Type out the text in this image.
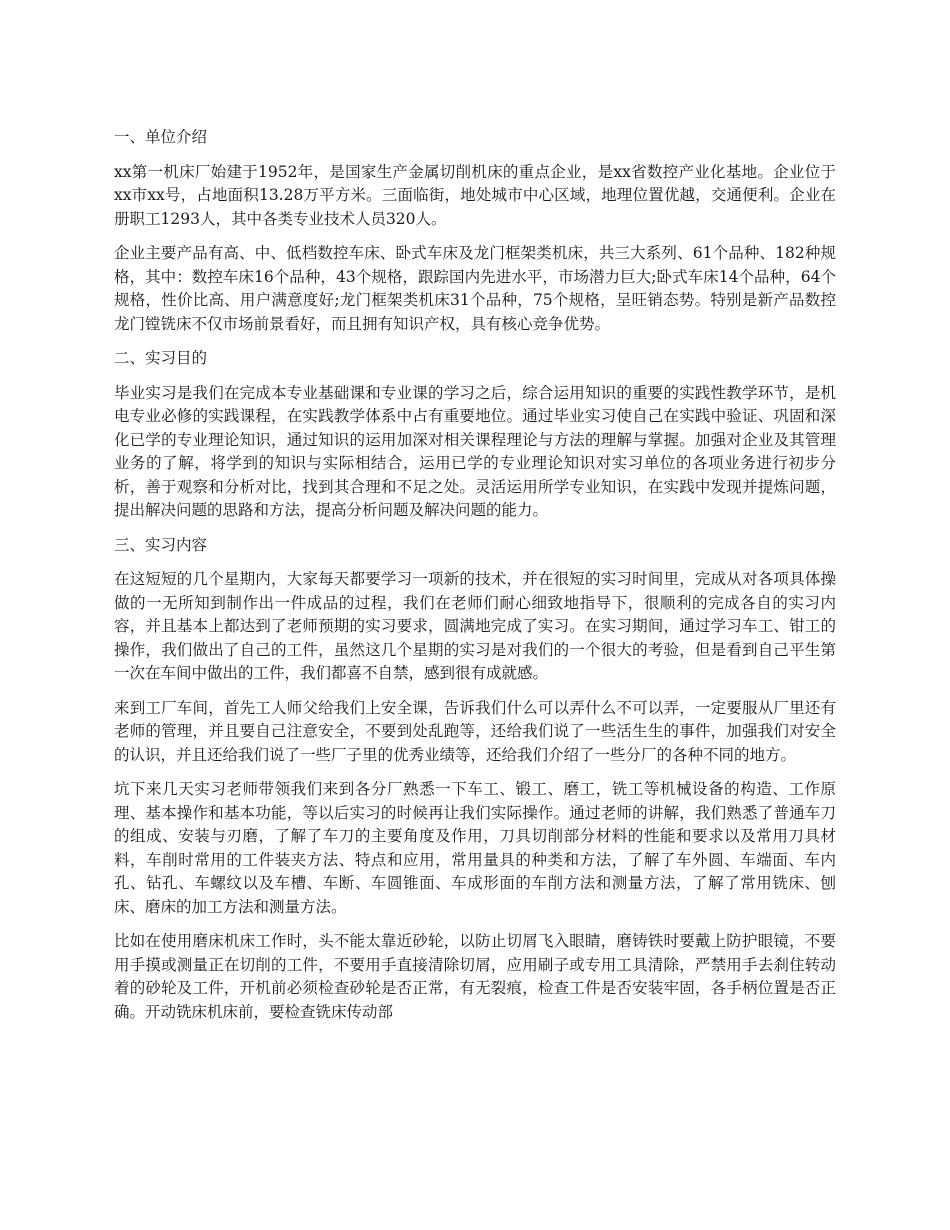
一、单位介绍
xx第一机床厂始建于1952年，是国家生产金属切削机床的重点企业，是xx省数控产业化基地。企业位于xx市xx号，占地面积13.28万平方米。三面临街，地处城市中心区域，地理位置优越，交通便利。企业在册职工1293人，其中各类专业技术人员320人。
企业主要产品有高、中、低档数控车床、卧式车床及龙门框架类机床，共三大系列、61个品种、182种规格，其中：数控车床16个品种，43个规格，跟踪国内先进水平，市场潜力巨大;卧式车床14个品种，64个规格，性价比高、用户满意度好;龙门框架类机床31个品种，75个规格，呈旺销态势。特别是新产品数控龙门镗铣床不仅市场前景看好，而且拥有知识产权，具有核心竞争优势。
二、实习目的
毕业实习是我们在完成本专业基础课和专业课的学习之后，综合运用知识的重要的实践性教学环节，是机电专业必修的实践课程，在实践教学体系中占有重要地位。通过毕业实习使自己在实践中验证、巩固和深化已学的专业理论知识，通过知识的运用加深对相关课程理论与方法的理解与掌握。加强对企业及其管理业务的了解，将学到的知识与实际相结合，运用已学的专业理论知识对实习单位的各项业务进行初步分析，善于观察和分析对比，找到其合理和不足之处。灵活运用所学专业知识，在实践中发现并提炼问题，提出解决问题的思路和方法，提高分析问题及解决问题的能力。
三、实习内容
在这短短的几个星期内，大家每天都要学习一项新的技术，并在很短的实习时间里，完成从对各项具体操做的一无所知到制作出一件成品的过程，我们在老师们耐心细致地指导下，很顺利的完成各自的实习内容，并且基本上都达到了老师预期的实习要求，圆满地完成了实习。在实习期间，通过学习车工、钳工的操作，我们做出了自己的工件，虽然这几个星期的实习是对我们的一个很大的考验，但是看到自己平生第一次在车间中做出的工件，我们都喜不自禁，感到很有成就感。
来到工厂车间，首先工人师父给我们上安全课，告诉我们什么可以弄什么不可以弄，一定要服从厂里还有老师的管理，并且要自己注意安全，不要到处乱跑等，还给我们说了一些活生生的事件，加强我们对安全的认识，并且还给我们说了一些厂子里的优秀业绩等，还给我们介绍了一些分厂的各种不同的地方。
坑下来几天实习老师带领我们来到各分厂熟悉一下车工、锻工、磨工，铣工等机械设备的构造、工作原理、基本操作和基本功能，等以后实习的时候再让我们实际操作。通过老师的讲解，我们熟悉了普通车刀的组成、安装与刃磨，了解了车刀的主要角度及作用，刀具切削部分材料的性能和要求以及常用刀具材料，车削时常用的工件装夹方法、特点和应用，常用量具的种类和方法，了解了车外圆、车端面、车内孔、钻孔、车螺纹以及车槽、车断、车圆锥面、车成形面的车削方法和测量方法，了解了常用铣床、刨床、磨床的加工方法和测量方法。
比如在使用磨床机床工作时，头不能太靠近砂轮，以防止切屑飞入眼睛，磨铸铁时要戴上防护眼镜，不要用手摸或测量正在切削的工件，不要用手直接清除切屑，应用刷子或专用工具清除，严禁用手去刹住转动着的砂轮及工件，开机前必须检查砂轮是否正常，有无裂痕，检查工件是否安装牢固，各手柄位置是否正确。开动铣床机床前，要检查铣床传动部
